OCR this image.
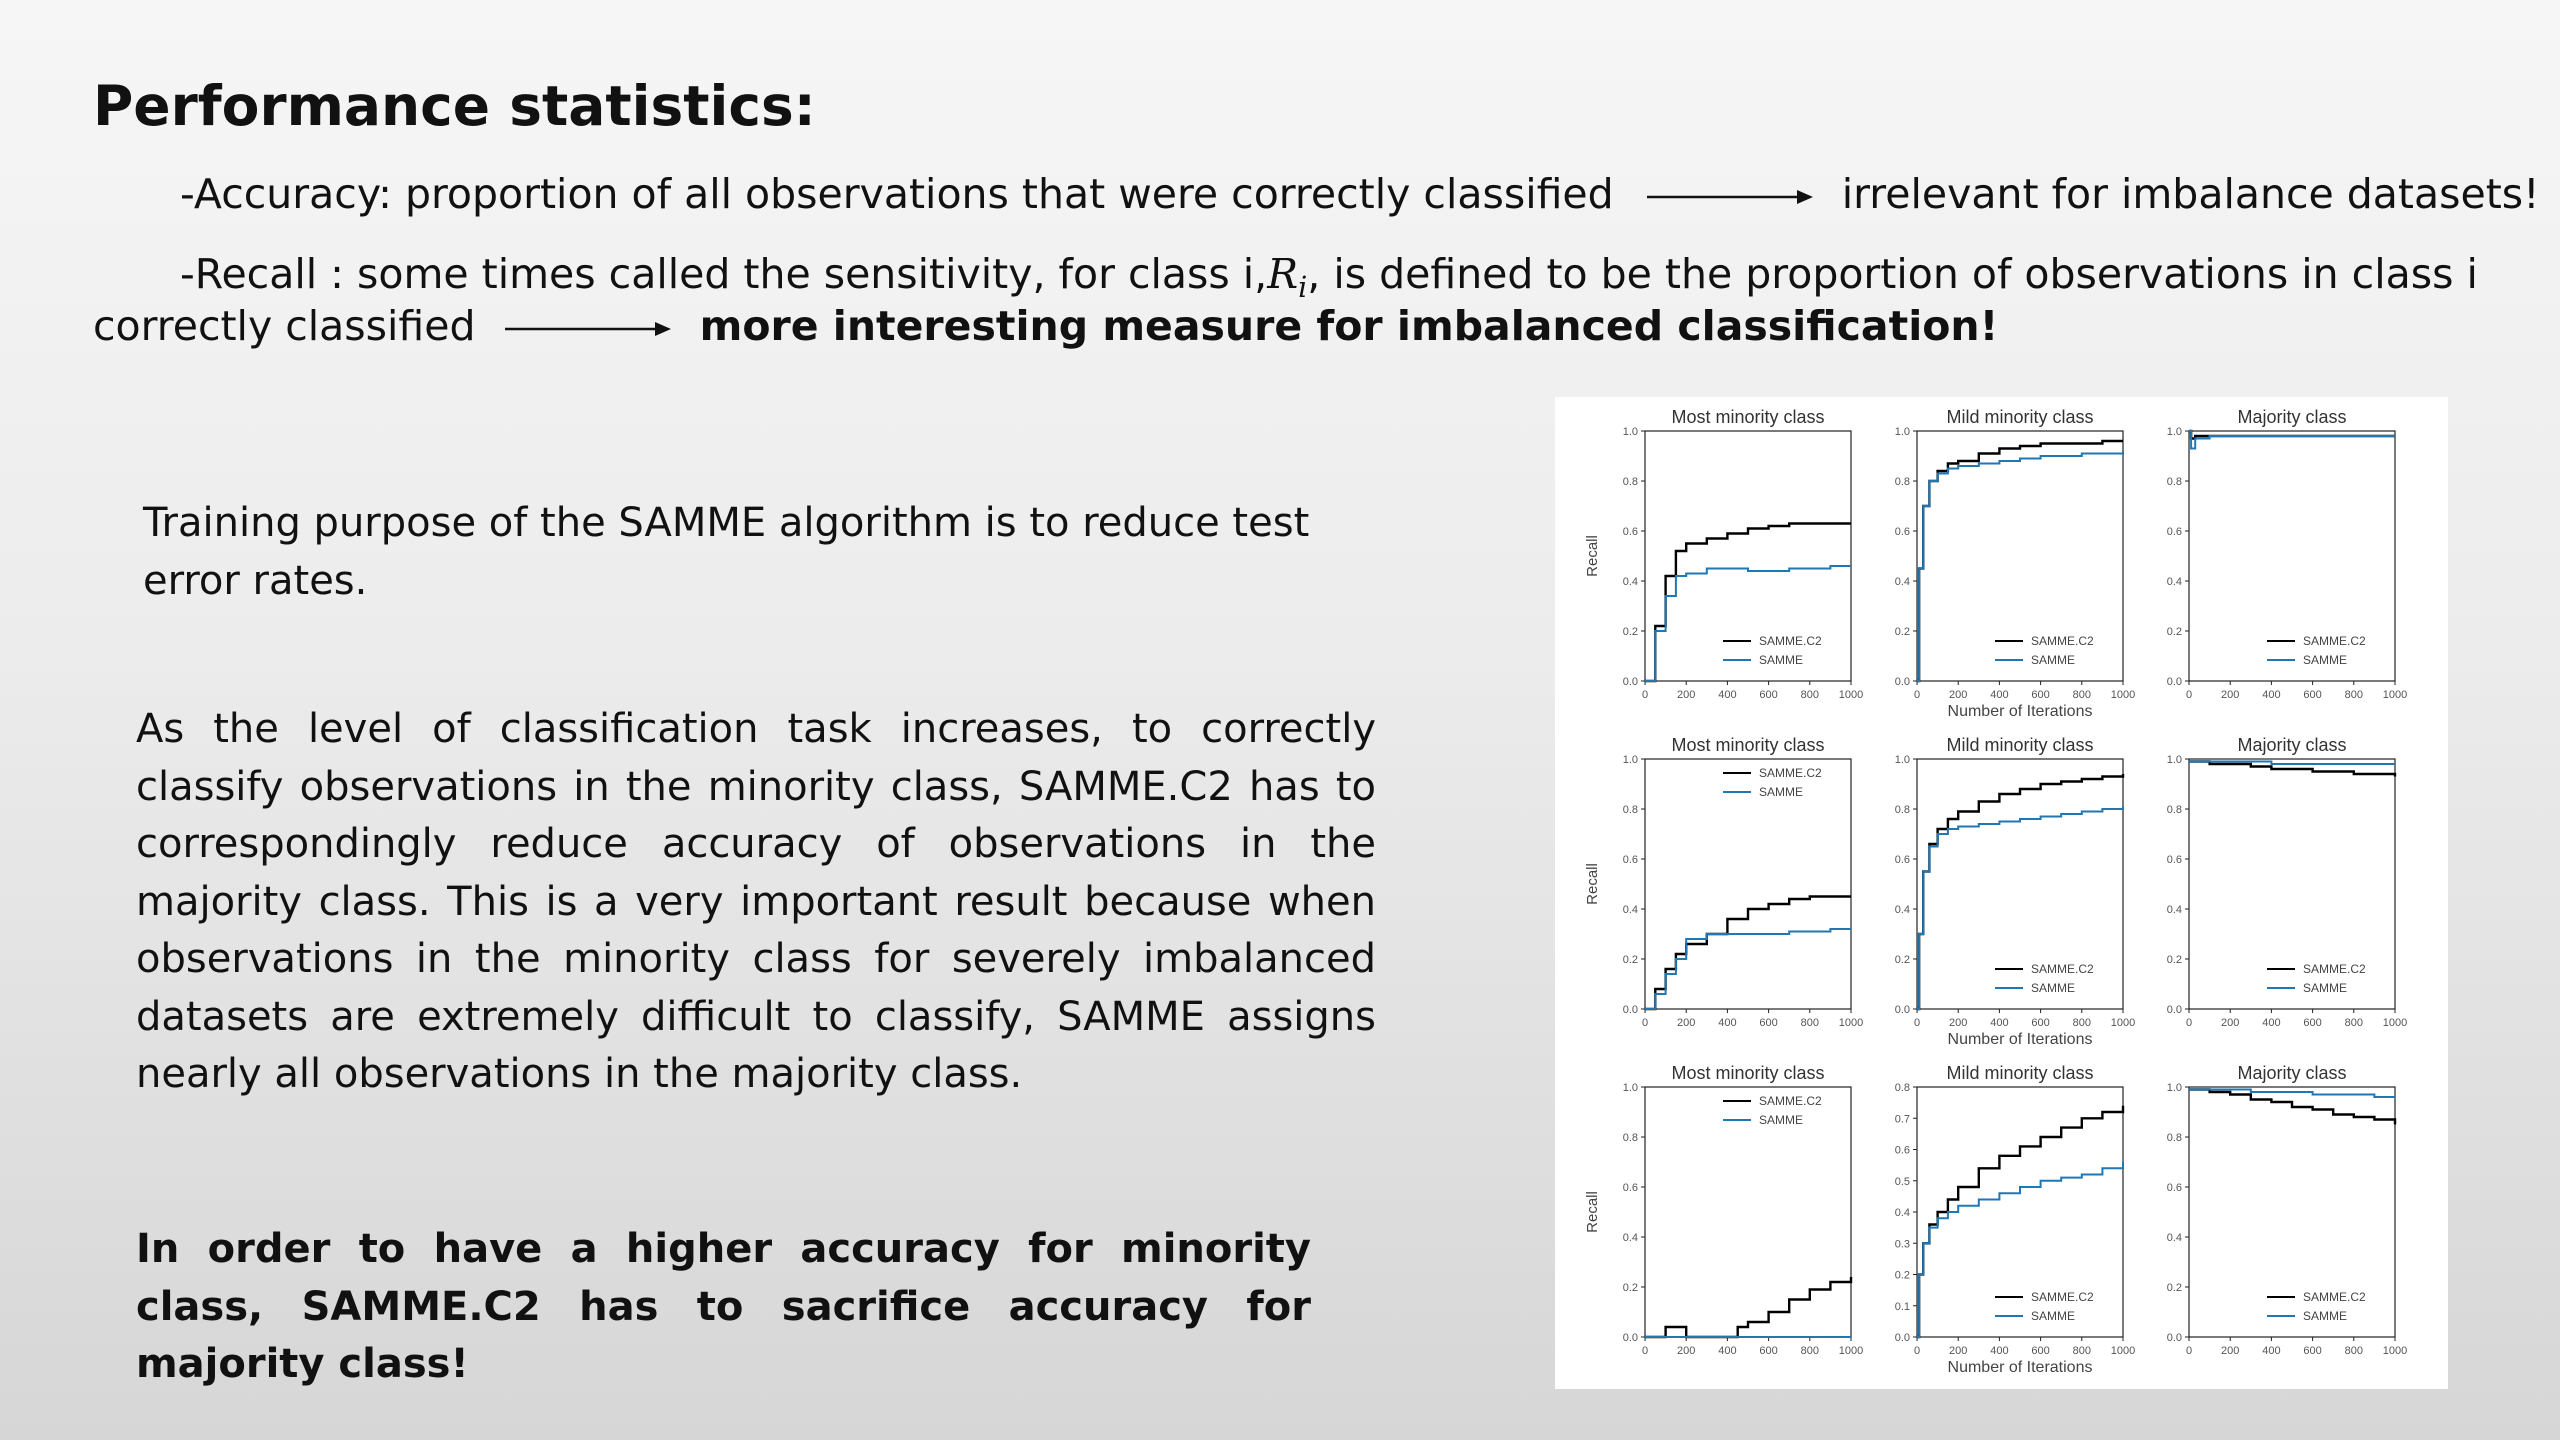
Performance statistics:
-Accuracy: proportion of all observations that were correctly classified	irrelevant for imbalance datasets!
-Recall : some times called the sensitivity, for class i, $R_i$, is defined to be the proportion of observations in class i
correctly classified	more interesting measure for imbalanced classification!
Training purpose of the SAMME algorithm is to reduce test error rates.
As the level of classification task increases, to correctly classify observations in the minority class, SAMME.C2 has to correspondingly reduce accuracy of observations in the majority class. This is a very important result because when observations in the minority class for severely imbalanced datasets are extremely difficult to classify, SAMME assigns nearly all observations in the majority class.
In order to have a higher accuracy for minority class, SAMME.C2 has to sacrifice accuracy for majority class!
Most minority class
0.0
0.2
0.4
0.6
0.8
1.0
0	200 400 600 800 1000
Recall
SAMME.C2
SAMME
Mild minority class
0.0
0.2
0.4
0.6
0.8
1.0
0	200 400 600 800 1000
Number of Iterations
SAMME.C2
SAMME
Majority class
0.0
0.2
0.4
0.6
0.8
1.0
0	200 400 600 800 1000
SAMME.C2
SAMME
Most minority class
0.0
0.2
0.4
0.6
0.8
1.0
0	200 400 600 800 1000
Recall
SAMME.C2
SAMME
Mild minority class
0.0
0.2
0.4
0.6
0.8
1.0
0	200 400 600 800 1000
Number of Iterations
SAMME.C2
SAMME
Majority class
0.0
0.2
0.4
0.6
0.8
1.0
0	200 400 600 800 1000
SAMME.C2
SAMME
Most minority class
0.0
0.2
0.4
0.6
0.8
1.0
0	200 400 600 800 1000
Recall
SAMME.C2
SAMME
Mild minority class
0.0
0.1
0.2
0.3
0.4
0.5
0.6
0.7
0.8
0	200 400 600 800 1000
Number of Iterations
SAMME.C2
SAMME
Majority class
0.0
0.2
0.4
0.6
0.8
1.0
0	200 400 600 800 1000
SAMME.C2
SAMME
